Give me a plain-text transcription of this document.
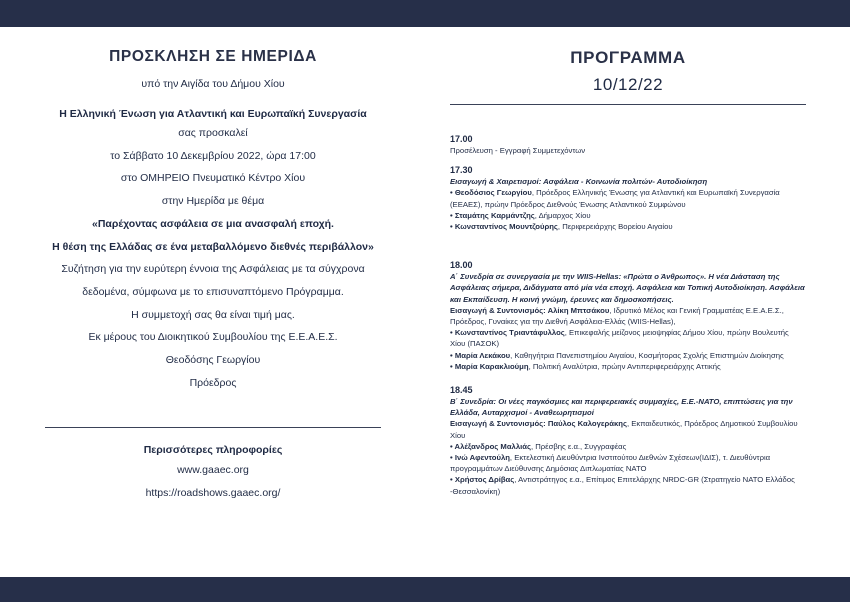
ΠΡΟΣΚΛΗΣΗ ΣΕ ΗΜΕΡΙΔΑ
υπό την Αιγίδα του Δήμου Χίου
Η Ελληνική Ένωση για Ατλαντική και Ευρωπαϊκή Συνεργασία
σας προσκαλεί
το Σάββατο 10 Δεκεμβρίου 2022, ώρα 17:00
στο ΟΜΗΡΕΙΟ Πνευματικό Κέντρο Χίου
στην Ημερίδα με θέμα
«Παρέχοντας ασφάλεια σε μια ανασφαλή εποχή.
Η θέση της Ελλάδας σε ένα μεταβαλλόμενο διεθνές περιβάλλον»
Συζήτηση για την ευρύτερη έννοια της Ασφάλειας με τα σύγχρονα
δεδομένα, σύμφωνα με το επισυναπτόμενο Πρόγραμμα.
Η συμμετοχή σας θα είναι τιμή μας.
Εκ μέρους του Διοικητικού Συμβουλίου της Ε.Ε.Α.Ε.Σ.
Θεοδόσης Γεωργίου
Πρόεδρος
Περισσότερες πληροφορίες
www.gaaec.org
https://roadshows.gaaec.org/
ΠΡΟΓΡΑΜΜΑ
10/12/22
17.00
Προσέλευση - Εγγραφή Συμμετεχόντων
17.30
Εισαγωγή & Χαιρετισμοί: Ασφάλεια - Κοινωνία πολιτών- Αυτοδιοίκηση
• Θεοδόσιος Γεωργίου, Πρόεδρος Ελληνικής Ένωσης για Ατλαντική και Ευρωπαϊκή Συνεργασία (ΕΕΑΕΣ), πρώην Πρόεδρος Διεθνούς Ένωσης Ατλαντικού Συμφώνου
• Σταμάτης Καρμάντζης, Δήμαρχος Χίου
• Κωνσταντίνος Μουντζούρης, Περιφερειάρχης Βορείου Αιγαίου
18.00
Α΄ Συνεδρία σε συνεργασία με την WIIS-Hellas: «Πρώτα ο Άνθρωπος». Η νέα Διάσταση της Ασφάλειας σήμερα, Διδάγματα από μία νέα εποχή. Ασφάλεια και Τοπική Αυτοδιοίκηση. Ασφάλεια και Εκπαίδευση. Η κοινή γνώμη, έρευνες και δημοσκοπήσεις.
Εισαγωγή & Συντονισμός: Αλίκη Μπτσάκου, Ιδρυτικό Μέλος και Γενική Γραμματέας Ε.Ε.Α.Ε.Σ., Πρόεδρος, Γυναίκες για την Διεθνή Ασφάλεια-Ελλάς (WIIS-Hellas),
• Κωνσταντίνος Τριαντάφυλλος, Επικεφαλής μείζονος μειοψηφίας Δήμου Χίου, πρώην Βουλευτής Χίου (ΠΑΣΟΚ)
• Μαρία Λεκάκου, Καθηγήτρια Πανεπιστημίου Αιγαίου, Κοσμήτορας Σχολής Επιστημών Διοίκησης
• Μαρία Καρακλιούμη, Πολιτική Αναλύτρια, πρώην Αντιπεριφερειάρχης Αττικής
18.45
Β΄ Συνεδρία: Οι νέες παγκόσμιες και περιφερειακές συμμαχίες, Ε.Ε.-ΝΑΤΟ, επιπτώσεις για την Ελλάδα, Αυταρχισμοί - Αναθεωρητισμοί
Εισαγωγή & Συντονισμός: Παύλος Καλογεράκης, Εκπαιδευτικός, Πρόεδρος Δημοτικού Συμβουλίου Χίου
• Αλέξανδρος Μαλλιάς, Πρέσβης ε.α., Συγγραφέας
• Ινώ Αφεντούλη, Εκτελεστική Διευθύντρια Ινστιτούτου Διεθνών Σχέσεων(ΙΔΙΣ), τ. Διευθύντρια προγραμμάτων Διεύθυνσης Δημόσιας Διπλωματίας ΝΑΤΟ
• Χρήστος Δρίβας, Αντιστράτηγος ε.α., Επίτιμος Επιτελάρχης NRDC-GR (Στρατηγείο ΝΑΤΟ Ελλάδος -Θεσσαλονίκη)
